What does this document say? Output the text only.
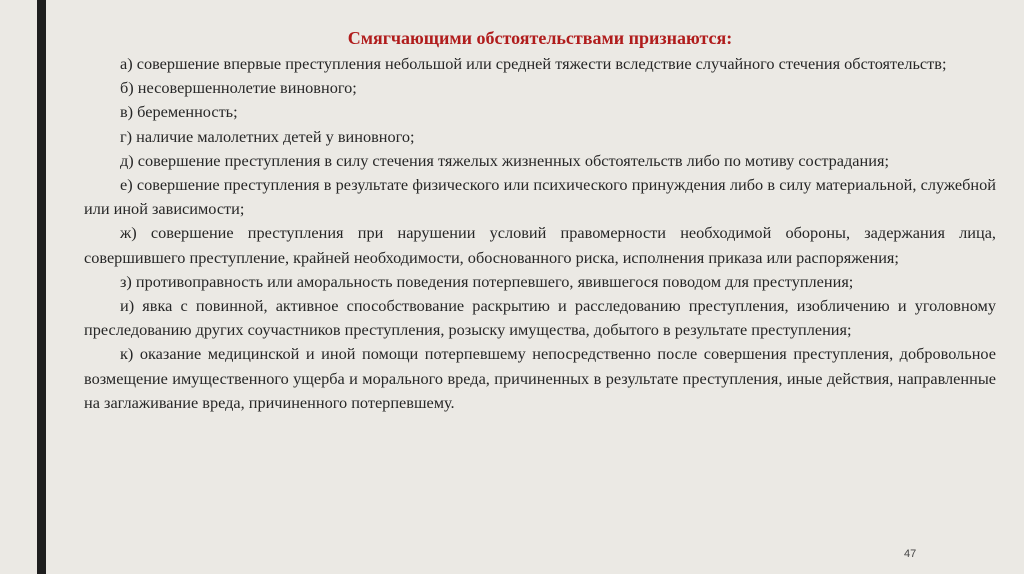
Смягчающими обстоятельствами признаются:

а) совершение впервые преступления небольшой или средней тяжести вследствие случайного стечения обстоятельств;

б) несовершеннолетие виновного;

в) беременность;

г) наличие малолетних детей у виновного;

д) совершение преступления в силу стечения тяжелых жизненных обстоятельств либо по мотиву сострадания;

е) совершение преступления в результате физического или психического принуждения либо в силу материальной, служебной или иной зависимости;

ж) совершение преступления при нарушении условий правомерности необходимой обороны, задержания лица, совершившего преступление, крайней необходимости, обоснованного риска, исполнения приказа или распоряжения;

з) противоправность или аморальность поведения потерпевшего, явившегося поводом для преступления;

и) явка с повинной, активное способствование раскрытию и расследованию преступления, изобличению и уголовному преследованию других соучастников преступления, розыску имущества, добытого в результате преступления;

к) оказание медицинской и иной помощи потерпевшему непосредственно после совершения преступления, добровольное возмещение имущественного ущерба и морального вреда, причиненных в результате преступления, иные действия, направленные на заглаживание вреда, причиненного потерпевшему.

47
